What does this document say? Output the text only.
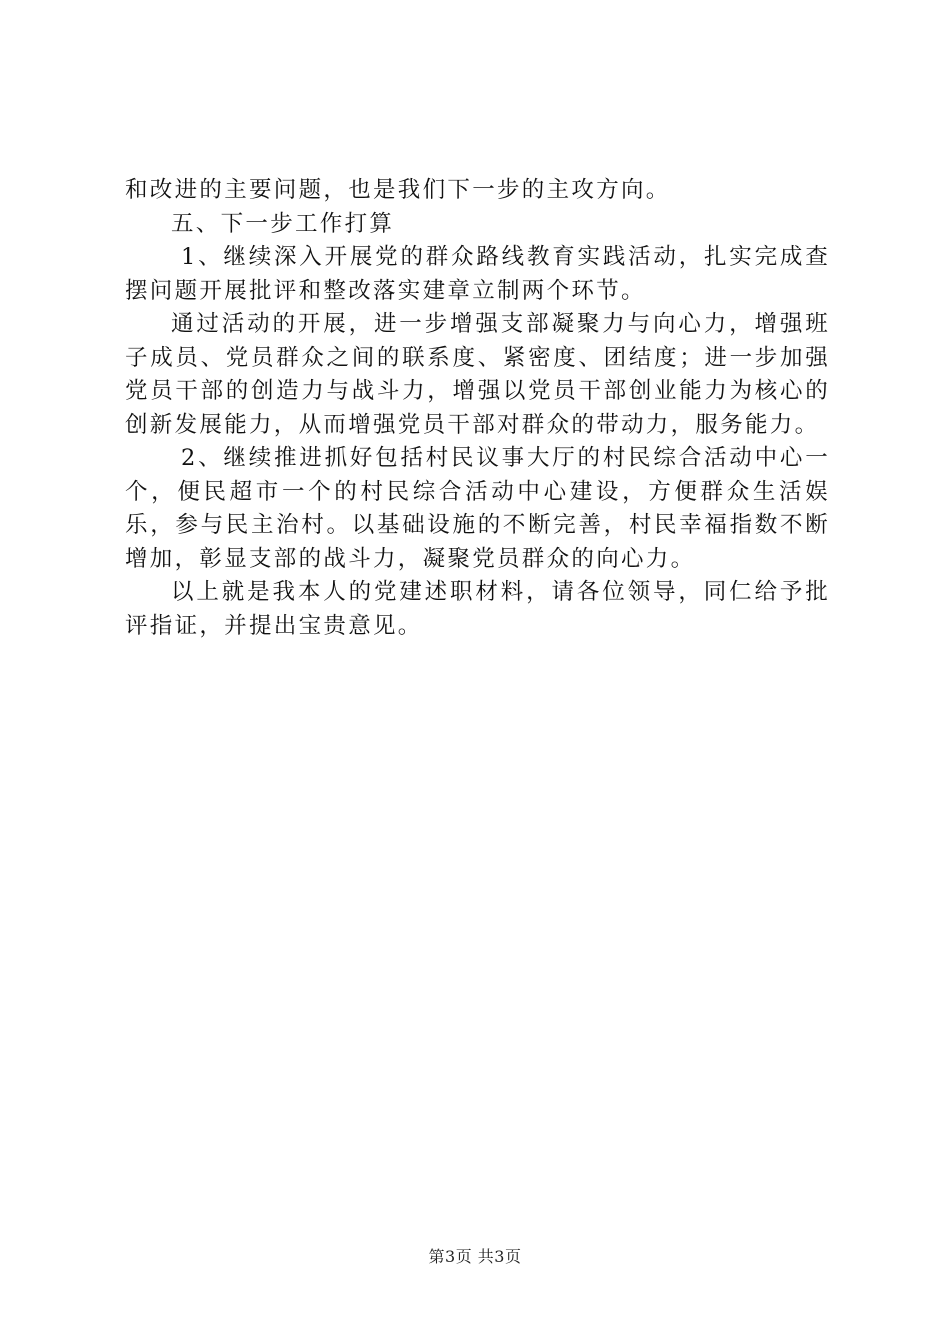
和改进的主要问题，也是我们下一步的主攻方向。

五、下一步工作打算

1、继续深入开展党的群众路线教育实践活动，扎实完成查摆问题开展批评和整改落实建章立制两个环节。

通过活动的开展，进一步增强支部凝聚力与向心力，增强班子成员、党员群众之间的联系度、紧密度、团结度；进一步加强党员干部的创造力与战斗力，增强以党员干部创业能力为核心的创新发展能力，从而增强党员干部对群众的带动力，服务能力。

2、继续推进抓好包括村民议事大厅的村民综合活动中心一个，便民超市一个的村民综合活动中心建设，方便群众生活娱乐，参与民主治村。以基础设施的不断完善，村民幸福指数不断增加，彰显支部的战斗力，凝聚党员群众的向心力。

以上就是我本人的党建述职材料，请各位领导，同仁给予批评指证，并提出宝贵意见。

第3页 共3页
